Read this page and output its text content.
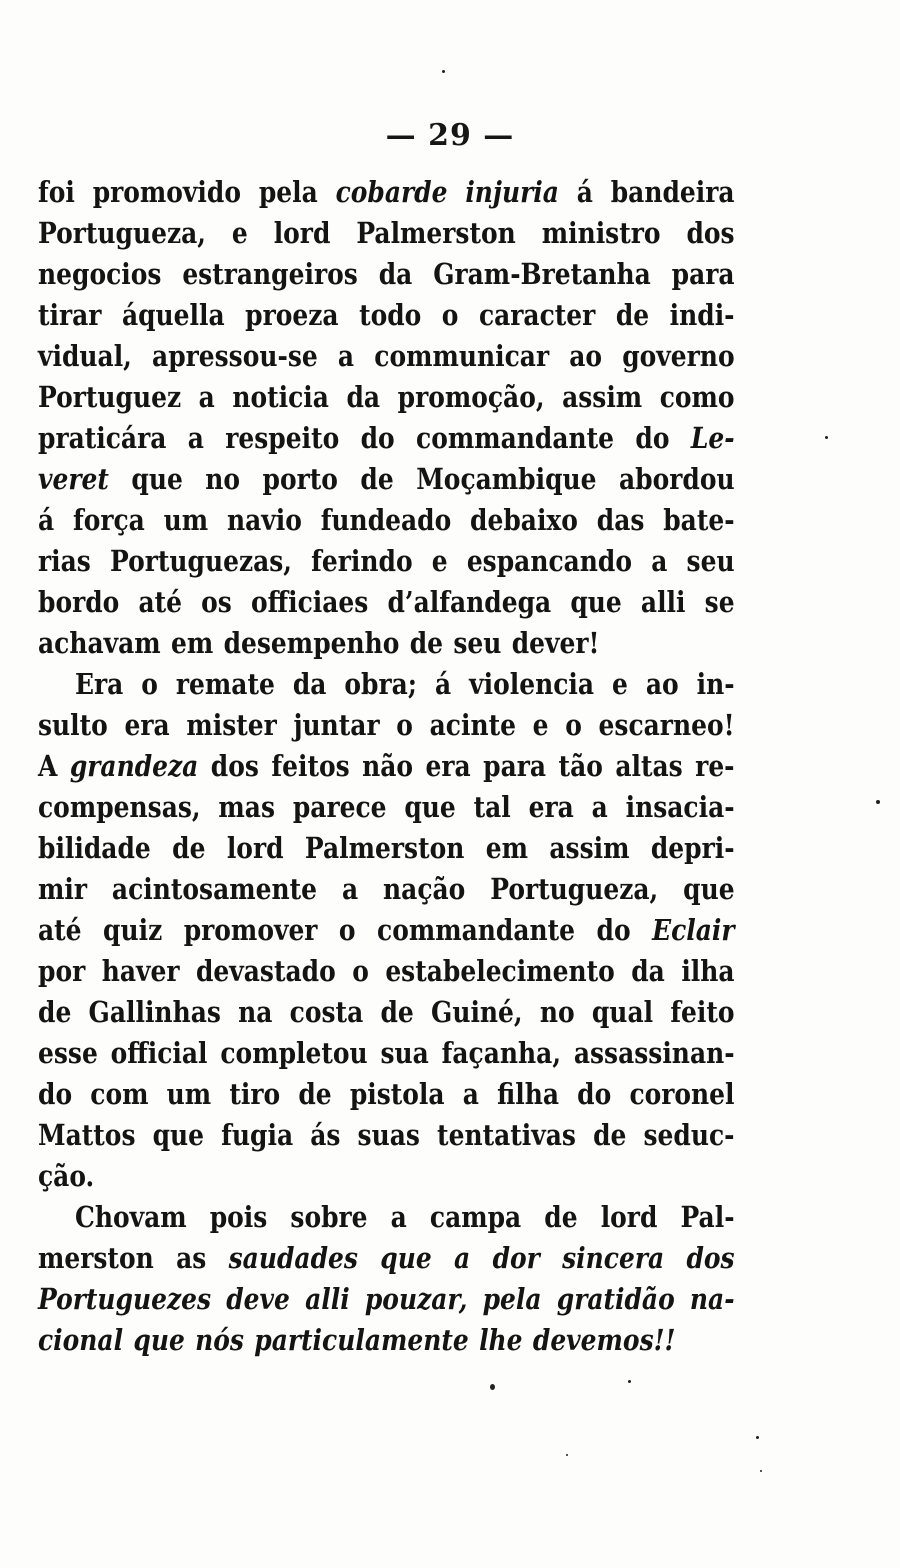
— 29 —
foi promovido pela cobarde injuria á bandeira
Portugueza, e lord Palmerston ministro dos
negocios estrangeiros da Gram-Bretanha para
tirar áquella proeza todo o caracter de indi-
vidual, apressou-se a communicar ao governo
Portuguez a noticia da promoção, assim como
praticára a respeito do commandante do Le-
veret que no porto de Moçambique abordou
á força um navio fundeado debaixo das bate-
rias Portuguezas, ferindo e espancando a seu
bordo até os officiaes d’alfandega que alli se
achavam em desempenho de seu dever!
Era o remate da obra; á violencia e ao in-
sulto era mister juntar o acinte e o escarneo!
A grandeza dos feitos não era para tão altas re-
compensas, mas parece que tal era a insacia-
bilidade de lord Palmerston em assim depri-
mir acintosamente a nação Portugueza, que
até quiz promover o commandante do Eclair
por haver devastado o estabelecimento da ilha
de Gallinhas na costa de Guiné, no qual feito
esse official completou sua façanha, assassinan-
do com um tiro de pistola a filha do coronel
Mattos que fugia ás suas tentativas de seduc-
ção.
Chovam pois sobre a campa de lord Pal-
merston as saudades que a dor sincera dos
Portuguezes deve alli pouzar, pela gratidão na-
cional que nós particulamente lhe devemos!!
